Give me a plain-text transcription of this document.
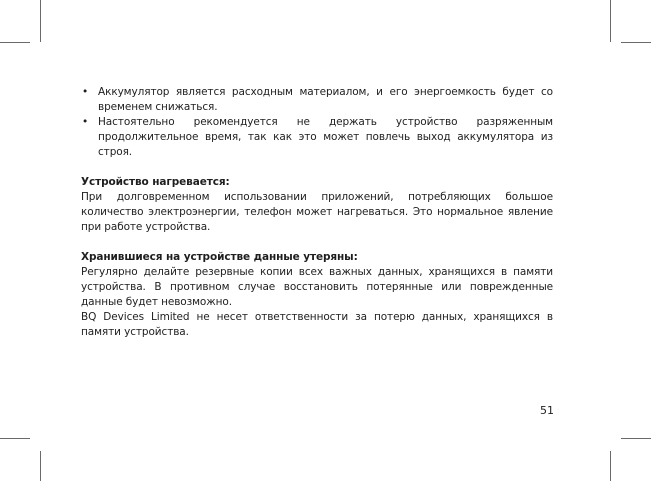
• Аккумулятор является расходным материалом, и его энергоемкость будет со временем снижаться.
• Настоятельно рекомендуется не держать устройство разряженным продолжительное время, так как это может повлечь выход аккумулятора из строя.
Устройство нагревается:

При долговременном использовании приложений, потребляющих большое количество электроэнергии, телефон может нагреваться. Это нормальное явление при работе устройства.

Хранившиеся на устройстве данные утеряны:

Регулярно делайте резервные копии всех важных данных, хранящихся в памяти устройства. В противном случае восстановить потерянные или поврежденные данные будет невозможно.

BQ Devices Limited не несет ответственности за потерю данных, хранящихся в памяти устройства.

51
